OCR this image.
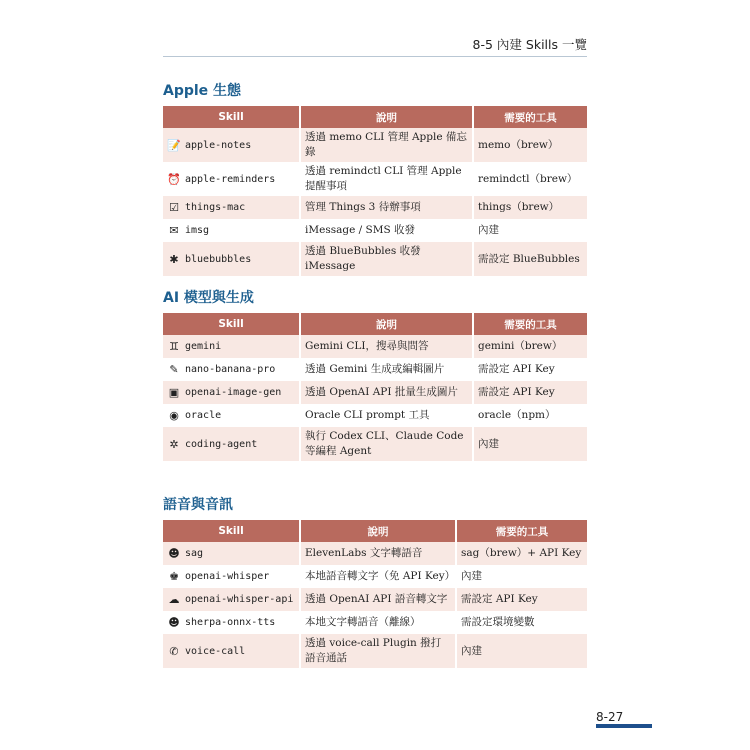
8-5 內建 Skills 一覽
Apple 生態
Skill	說明	需要的工具

📝 apple-notes	透過 memo CLI 管理 Apple 備忘錄	memo（brew）

⏰ apple-reminders	透過 remindctl CLI 管理 Apple 提醒事項	remindctl（brew）

☑ things-mac	管理 Things 3 待辦事項	things（brew）

✉ imsg	iMessage / SMS 收發	內建

✱ bluebubbles	透過 BlueBubbles 收發 iMessage	需設定 BlueBubbles
AI 模型與生成
Skill	說明	需要的工具

♊ gemini	Gemini CLI，搜尋與問答	gemini（brew）

✎ nano-banana-pro	透過 Gemini 生成或編輯圖片	需設定 API Key

▣ openai-image-gen	透過 OpenAI API 批量生成圖片	需設定 API Key

◉ oracle	Oracle CLI prompt 工具	oracle（npm）

✲ coding-agent	執行 Codex CLI、Claude Code 等編程 Agent	內建
語音與音訊
Skill	說明	需要的工具

☻ sag	ElevenLabs 文字轉語音	sag（brew）+ API Key

♚ openai-whisper	本地語音轉文字（免 API Key）	內建

☁ openai-whisper-api	透過 OpenAI API 語音轉文字	需設定 API Key

☻ sherpa-onnx-tts	本地文字轉語音（離線）	需設定環境變數

✆ voice-call	透過 voice-call Plugin 撥打語音通話	內建
8-27
